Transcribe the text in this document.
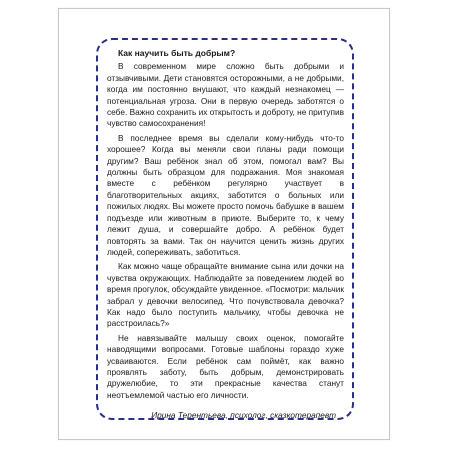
Как научить быть добрым?

В современном мире сложно быть добрыми и отзывчивыми. Дети становятся осторожными, а не добрыми, когда им постоянно внушают, что каждый незнакомец — потенциальная угроза. Они в первую очередь заботятся о себе. Важно сохранить их открытость и доброту, не притупив чувство самосохранения!

В последнее время вы сделали кому-нибудь что-то хорошее? Когда вы меняли свои планы ради помощи другим? Ваш ребёнок знал об этом, помогал вам? Вы должны быть образцом для подражания. Моя знакомая вместе с ребёнком регулярно участвует в благотворительных акциях, заботится о больных или пожилых людях. Вы можете просто помочь бабушке в вашем подъезде или животным в приюте. Выберите то, к чему лежит душа, и совершайте добро. А ребёнок будет повторять за вами. Так он научится ценить жизнь других людей, сопереживать, заботиться.

Как можно чаще обращайте внимание сына или дочки на чувства окружающих. Наблюдайте за поведением людей во время прогулок, обсуждайте увиденное. «Посмотри: мальчик забрал у девочки велосипед. Что почувствовала девочка? Как надо было поступить мальчику, чтобы девочка не расстроилась?»

Не навязывайте малышу своих оценок, помогайте наводящими вопросами. Готовые шаблоны гораздо хуже усваиваются. Если ребёнок сам поймёт, как важно проявлять заботу, быть добрым, демонстрировать дружелюбие, то эти прекрасные качества станут неотъемлемой частью его личности.

Ирина Терентьева, психолог, сказкотерапевт
